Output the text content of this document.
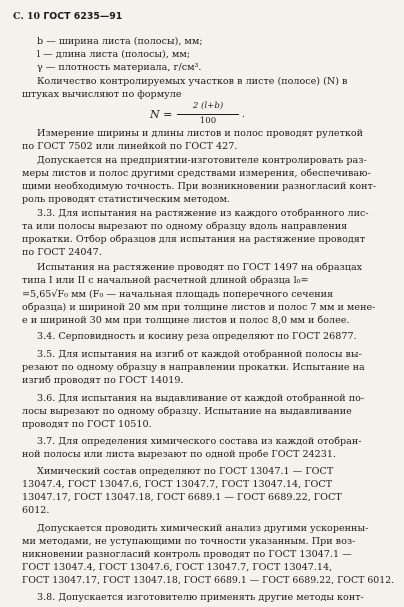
С. 10 ГОСТ 6235—91
b — ширина листа (полосы), мм;
l — длина листа (полосы), мм;
γ — плотность материала, г/см³.
Количество контролируемых участков в листе (полосе) (N) в
штуках вычисляют по формуле
Измерение ширины и длины листов и полос проводят рулеткой
по ГОСТ 7502 или линейкой по ГОСТ 427.
Допускается на предприятии-изготовителе контролировать раз-
меры листов и полос другими средствами измерения, обеспечиваю-
щими необходимую точность. При возникновении разногласий конт-
роль проводят статистическим методом.
3.3. Для испытания на растяжение из каждого отобранного лис-
та или полосы вырезают по одному образцу вдоль направления
прокатки. Отбор образцов для испытания на растяжение проводят
по ГОСТ 24047.
Испытания на растяжение проводят по ГОСТ 1497 на образцах
типа I или II с начальной расчетной длиной образца l₀=
=5,65√F₀ мм (F₀ — начальная площадь поперечного сечения
образца) и шириной 20 мм при толщине листов и полос 7 мм и мене-
е и шириной 30 мм при толщине листов и полос 8,0 мм и более.
3.4. Серповидность и косину реза определяют по ГОСТ 26877.
3.5. Для испытания на изгиб от каждой отобранной полосы вы-
резают по одному образцу в направлении прокатки. Испытание на
изгиб проводят по ГОСТ 14019.
3.6. Для испытания на выдавливание от каждой отобранной по-
лосы вырезают по одному образцу. Испытание на выдавливание
проводят по ГОСТ 10510.
3.7. Для определения химического состава из каждой отобран-
ной полосы или листа вырезают по одной пробе ГОСТ 24231.
Химический состав определяют по ГОСТ 13047.1 — ГОСТ
13047.4, ГОСТ 13047.6, ГОСТ 13047.7, ГОСТ 13047.14, ГОСТ
13047.17, ГОСТ 13047.18, ГОСТ 6689.1 — ГОСТ 6689.22, ГОСТ
6012.
Допускается проводить химический анализ другими ускоренны-
ми методами, не уступающими по точности указанным. При воз-
никновении разногласий контроль проводят по ГОСТ 13047.1 —
ГОСТ 13047.4, ГОСТ 13047.6, ГОСТ 13047.7, ГОСТ 13047.14,
ГОСТ 13047.17, ГОСТ 13047.18, ГОСТ 6689.1 — ГОСТ 6689.22, ГОСТ 6012.
3.8. Допускается изготовителю применять другие методы конт-
N =
2 (l+b)
100
.
